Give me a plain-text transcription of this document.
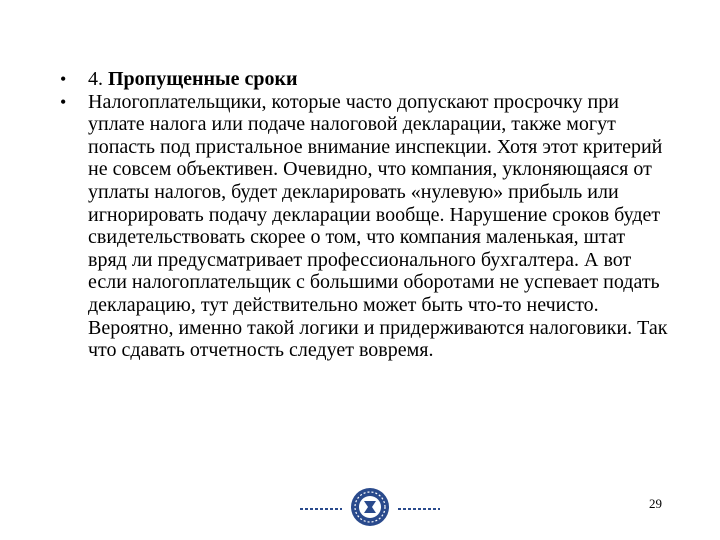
• 4. Пропущенные сроки
• Налогоплательщики, которые часто допускают просрочку при уплате налога или подаче налоговой декларации, также могут попасть под пристальное внимание инспекции. Хотя этот критерий не совсем объективен. Очевидно, что компания, уклоняющаяся от уплаты налогов, будет декларировать «нулевую» прибыль или игнорировать подачу декларации вообще. Нарушение сроков будет свидетельствовать скорее о том, что компания маленькая, штат вряд ли предусматривает профессионального бухгалтера. А вот если налогоплательщик с большими оборотами не успевает подать декларацию, тут действительно может быть что-то нечисто. Вероятно, именно такой логики и придерживаются налоговики. Так что сдавать отчетность следует вовремя.
29
